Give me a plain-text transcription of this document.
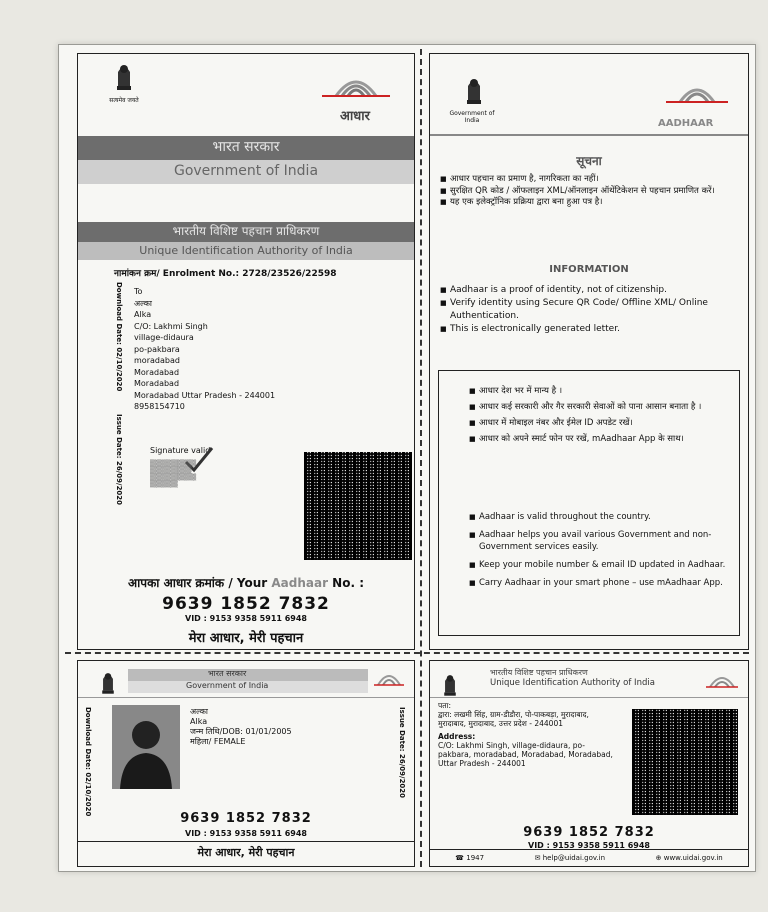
सत्यमेव जयते
आधार
भारत सरकार
Government of India
भारतीय विशिष्ट पहचान प्राधिकरण
Unique Identification Authority of India
नामांकन क्रम/ Enrolment No.: 2728/23526/22598
Download Date: 02/10/2020
Issue Date: 26/09/2020
To
अल्का
Alka
C/O: Lakhmi Singh
village-didaura
po-pakbara
moradabad
Moradabad
Moradabad
Moradabad Uttar Pradesh - 244001
8958154710
Signature valid
▒▒▒▒▒▒▒▒▒▒
▒▒▒▒▒▒▒▒▒
▒▒▒▒▒▒▒▒▒▒
▒▒▒▒▒▒
आपका आधार क्रमांक / Your Aadhaar No. :
9639 1852 7832
VID : 9153 9358 5911 6948
मेरा आधार, मेरी पहचान
Government of India	AADHAAR
सूचना

■ आधार पहचान का प्रमाण है, नागरिकता का नहीं।

■ सुरक्षित QR कोड / ऑफलाइन XML/ऑनलाइन ऑथेंटिकेशन से पहचान प्रमाणित करें।

■ यह एक इलेक्ट्रॉनिक प्रक्रिया द्वारा बना हुआ पत्र है।

INFORMATION

■ Aadhaar is a proof of identity, not of citizenship.

■ Verify identity using Secure QR Code/ Offline XML/ Online Authentication.

■ This is electronically generated letter.

■ आधार देश भर में मान्य है ।

■ आधार कई सरकारी और गैर सरकारी सेवाओं को पाना आसान बनाता है ।

■ आधार में मोबाइल नंबर और ईमेल ID अपडेट रखें।

■ आधार को अपने स्मार्ट फोन पर रखें, mAadhaar App के साथ।

■ Aadhaar is valid throughout the country.

■ Aadhaar helps you avail various Government and non-Government services easily.

■ Keep your mobile number & email ID updated in Aadhaar.

■ Carry Aadhaar in your smart phone – use mAadhaar App.

भारत सरकार
Government of India
Download Date: 02/10/2020	Issue Date: 26/09/2020
अल्का
Alka
जन्म तिथि/DOB: 01/01/2005
महिला/ FEMALE
9639 1852 7832
VID : 9153 9358 5911 6948
मेरा आधार, मेरी पहचान
भारतीय विशिष्ट पहचान प्राधिकरण
Unique Identification Authority of India
पता:
द्वारा: लखमी सिंह, ग्राम-डीडौरा, पो-पाकबड़ा, मुरादाबाद, मुरादाबाद, मुरादाबाद, उत्तर प्रदेश - 244001
Address:
C/O: Lakhmi Singh, village-didaura, po-pakbara, moradabad, Moradabad, Moradabad, Uttar Pradesh - 244001
9639 1852 7832
VID : 9153 9358 5911 6948
☎ 1947	✉ help@uidai.gov.in	⊕ www.uidai.gov.in
